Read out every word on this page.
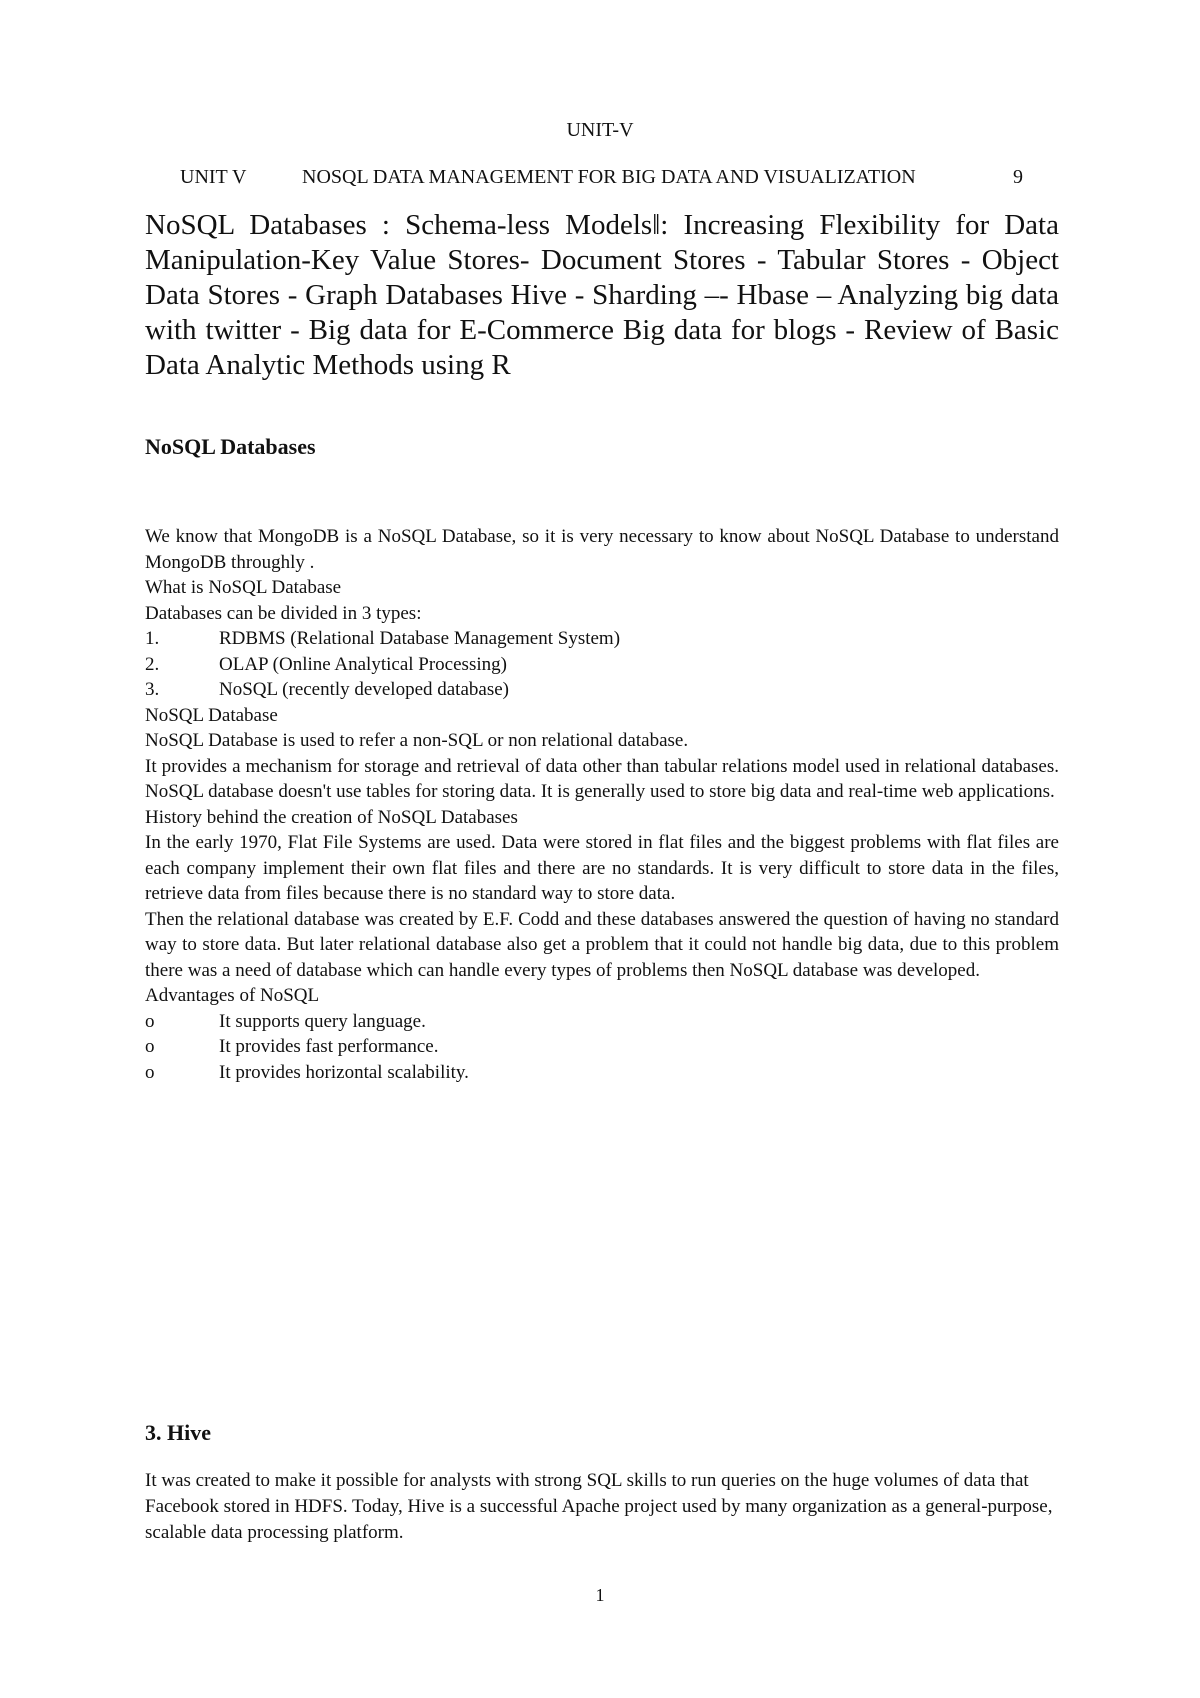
UNIT-V
UNIT V	NOSQL DATA MANAGEMENT FOR BIG DATA AND VISUALIZATION	9

NoSQL Databases : Schema-less Models‖: Increasing Flexibility for Data Manipulation-Key Value Stores- Document Stores - Tabular Stores - Object Data Stores - Graph Databases Hive - Sharding –- Hbase – Analyzing big data with twitter - Big data for E-Commerce Big data for blogs - Review of Basic Data Analytic Methods using R

NoSQL Databases

We know that MongoDB is a NoSQL Database, so it is very necessary to know about NoSQL Database to understand MongoDB throughly .

What is NoSQL Database

Databases can be divided in 3 types:

1.	RDBMS (Relational Database Management System)

2.	OLAP (Online Analytical Processing)

3.	NoSQL (recently developed database)

NoSQL Database

NoSQL Database is used to refer a non-SQL or non relational database.

It provides a mechanism for storage and retrieval of data other than tabular relations model used in relational databases. NoSQL database doesn't use tables for storing data. It is generally used to store big data and real-time web applications.

History behind the creation of NoSQL Databases

In the early 1970, Flat File Systems are used. Data were stored in flat files and the biggest problems with flat files are each company implement their own flat files and there are no standards. It is very difficult to store data in the files, retrieve data from files because there is no standard way to store data.

Then the relational database was created by E.F. Codd and these databases answered the question of having no standard way to store data. But later relational database also get a problem that it could not handle big data, due to this problem there was a need of database which can handle every types of problems then NoSQL database was developed.

Advantages of NoSQL

o	It supports query language.

o	It provides fast performance.

o	It provides horizontal scalability.

3. Hive

It was created to make it possible for analysts with strong SQL skills to run queries on the huge volumes of data that Facebook stored in HDFS. Today, Hive is a successful Apache project used by many organization as a general-purpose, scalable data processing platform.

1
